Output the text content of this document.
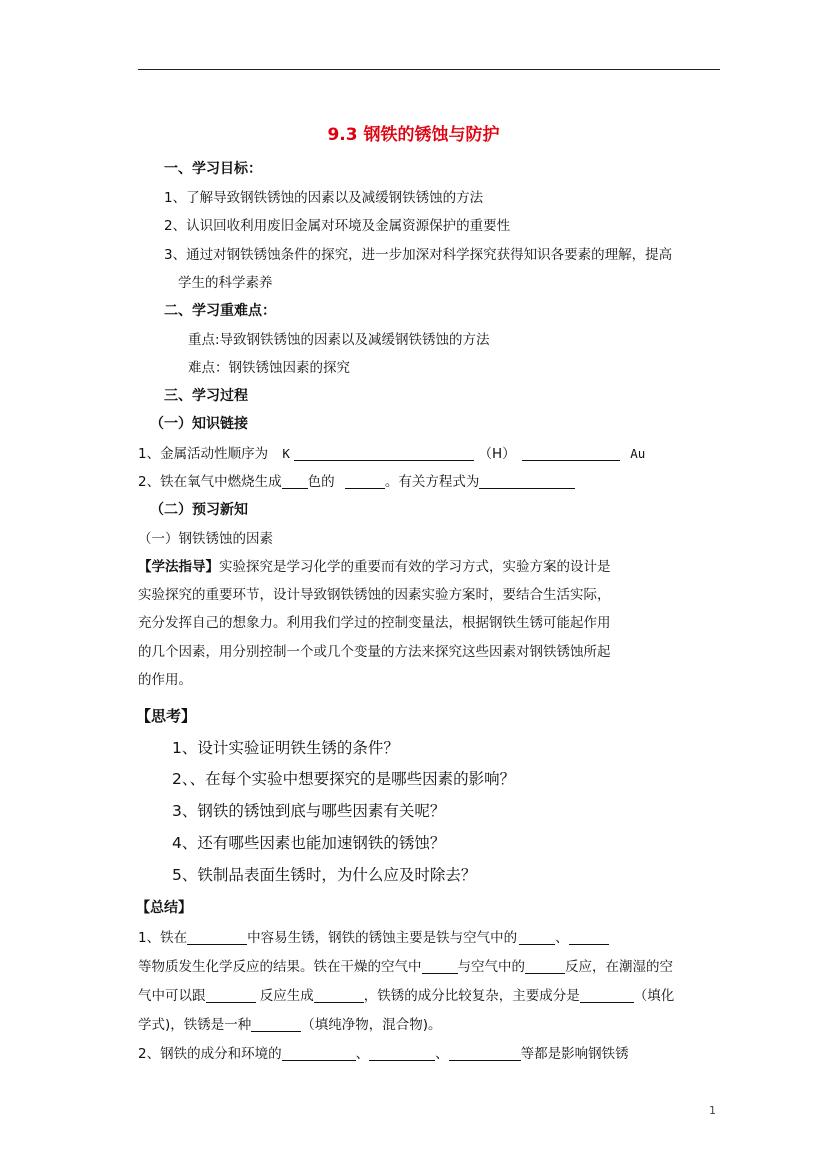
9.3 钢铁的锈蚀与防护
一、学习目标：
1、了解导致钢铁锈蚀的因素以及减缓钢铁锈蚀的方法
2、认识回收利用废旧金属对环境及金属资源保护的重要性
3、通过对钢铁锈蚀条件的探究，进一步加深对科学探究获得知识各要素的理解，提高
学生的科学素养
二、学习重难点：
重点:导致钢铁锈蚀的因素以及减缓钢铁锈蚀的方法
难点：钢铁锈蚀因素的探究
三、学习过程
（一）知识链接
1、金属活动性顺序为 K	（H）	Au
2、铁在氧气中燃烧生成 色的	。有关方程式为
（二）预习新知
（一）钢铁锈蚀的因素
【学法指导】实验探究是学习化学的重要而有效的学习方式，实验方案的设计是
实验探究的重要环节，设计导致钢铁锈蚀的因素实验方案时，要结合生活实际，
充分发挥自己的想象力。利用我们学过的控制变量法，根据钢铁生锈可能起作用
的几个因素，用分别控制一个或几个变量的方法来探究这些因素对钢铁锈蚀所起
的作用。
【思考】
1、设计实验证明铁生锈的条件？
2、、在每个实验中想要探究的是哪些因素的影响？
3、钢铁的锈蚀到底与哪些因素有关呢？
4、还有哪些因素也能加速钢铁的锈蚀？
5、铁制品表面生锈时，为什么应及时除去？
【总结】
1、铁在	中容易生锈，钢铁的锈蚀主要是铁与空气中的	、
等物质发生化学反应的结果。铁在干燥的空气中	与空气中的	反应，在潮湿的空
气中可以跟	反应生成	，铁锈的成分比较复杂，主要成分是	（填化
学式)，铁锈是一种	（填纯净物，混合物)。
2、钢铁的成分和环境的	、	、	等都是影响钢铁锈
1
